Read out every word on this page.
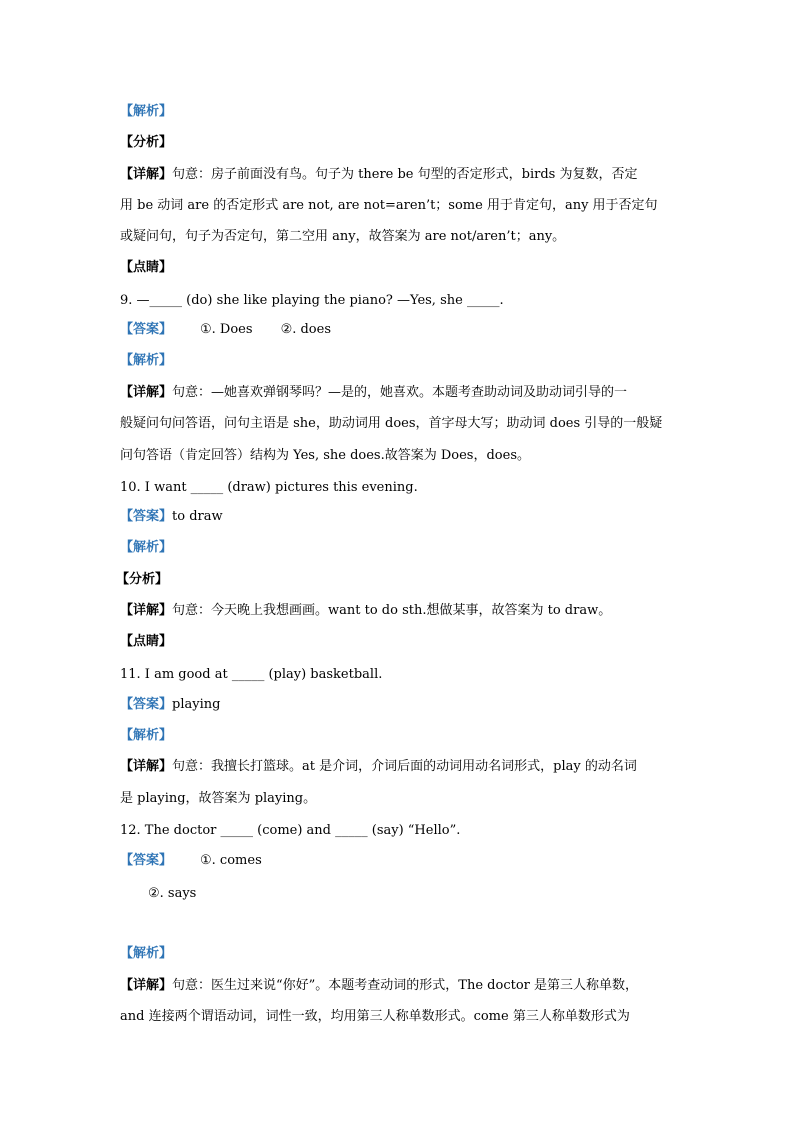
【解析】
【分析】
【详解】句意：房子前面没有鸟。句子为 there be 句型的否定形式，birds 为复数，否定
用 be 动词 are 的否定形式 are not, are not=aren’t；some 用于肯定句，any 用于否定句
或疑问句，句子为否定句，第二空用 any，故答案为 are not/aren’t；any。
【点睛】
9. —_____ (do) she like playing the piano? —Yes, she _____.
【答案】 ①. Does ②. does
【解析】
【详解】句意：—她喜欢弹钢琴吗？—是的，她喜欢。本题考查助动词及助动词引导的一
般疑问句问答语，问句主语是 she，助动词用 does，首字母大写；助动词 does 引导的一般疑
问句答语（肯定回答）结构为 Yes, she does.故答案为 Does，does。
10. I want _____ (draw) pictures this evening.
【答案】to draw
【解析】
【分析】
【详解】句意：今天晚上我想画画。want to do sth.想做某事，故答案为 to draw。
【点睛】
11. I am good at _____ (play) basketball.
【答案】playing
【解析】
【详解】句意：我擅长打篮球。at 是介词，介词后面的动词用动名词形式，play 的动名词
是 playing，故答案为 playing。
12. The doctor _____ (come) and _____ (say) “Hello”.
【答案】 ①. comes
②. says
【解析】
【详解】句意：医生过来说“你好”。本题考查动词的形式，The doctor 是第三人称单数，
and 连接两个谓语动词，词性一致，均用第三人称单数形式。come 第三人称单数形式为
